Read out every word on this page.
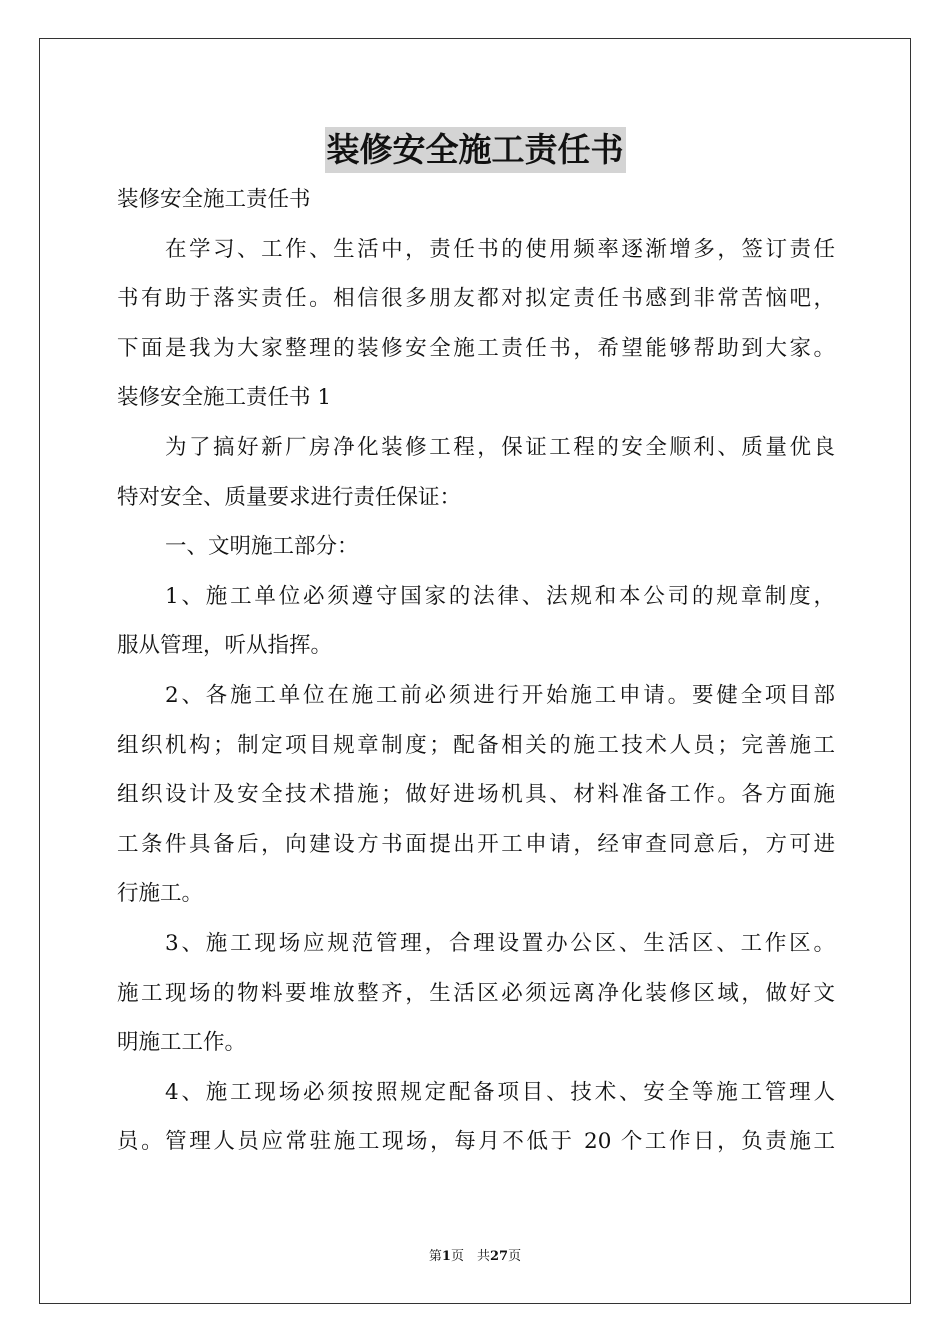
装修安全施工责任书
装修安全施工责任书
在学习、工作、生活中，责任书的使用频率逐渐增多，签订责任
书有助于落实责任。相信很多朋友都对拟定责任书感到非常苦恼吧，
下面是我为大家整理的装修安全施工责任书，希望能够帮助到大家。
装修安全施工责任书 1
为了搞好新厂房净化装修工程，保证工程的安全顺利、质量优良
特对安全、质量要求进行责任保证：
一、文明施工部分：
1、施工单位必须遵守国家的法律、法规和本公司的规章制度，
服从管理，听从指挥。
2、各施工单位在施工前必须进行开始施工申请。要健全项目部
组织机构；制定项目规章制度；配备相关的施工技术人员；完善施工
组织设计及安全技术措施；做好进场机具、材料准备工作。各方面施
工条件具备后，向建设方书面提出开工申请，经审查同意后，方可进
行施工。
3、施工现场应规范管理，合理设置办公区、生活区、工作区。
施工现场的物料要堆放整齐，生活区必须远离净化装修区域，做好文
明施工工作。
4、施工现场必须按照规定配备项目、技术、安全等施工管理人
员。管理人员应常驻施工现场，每月不低于 20 个工作日，负责施工
第1页　共27页
